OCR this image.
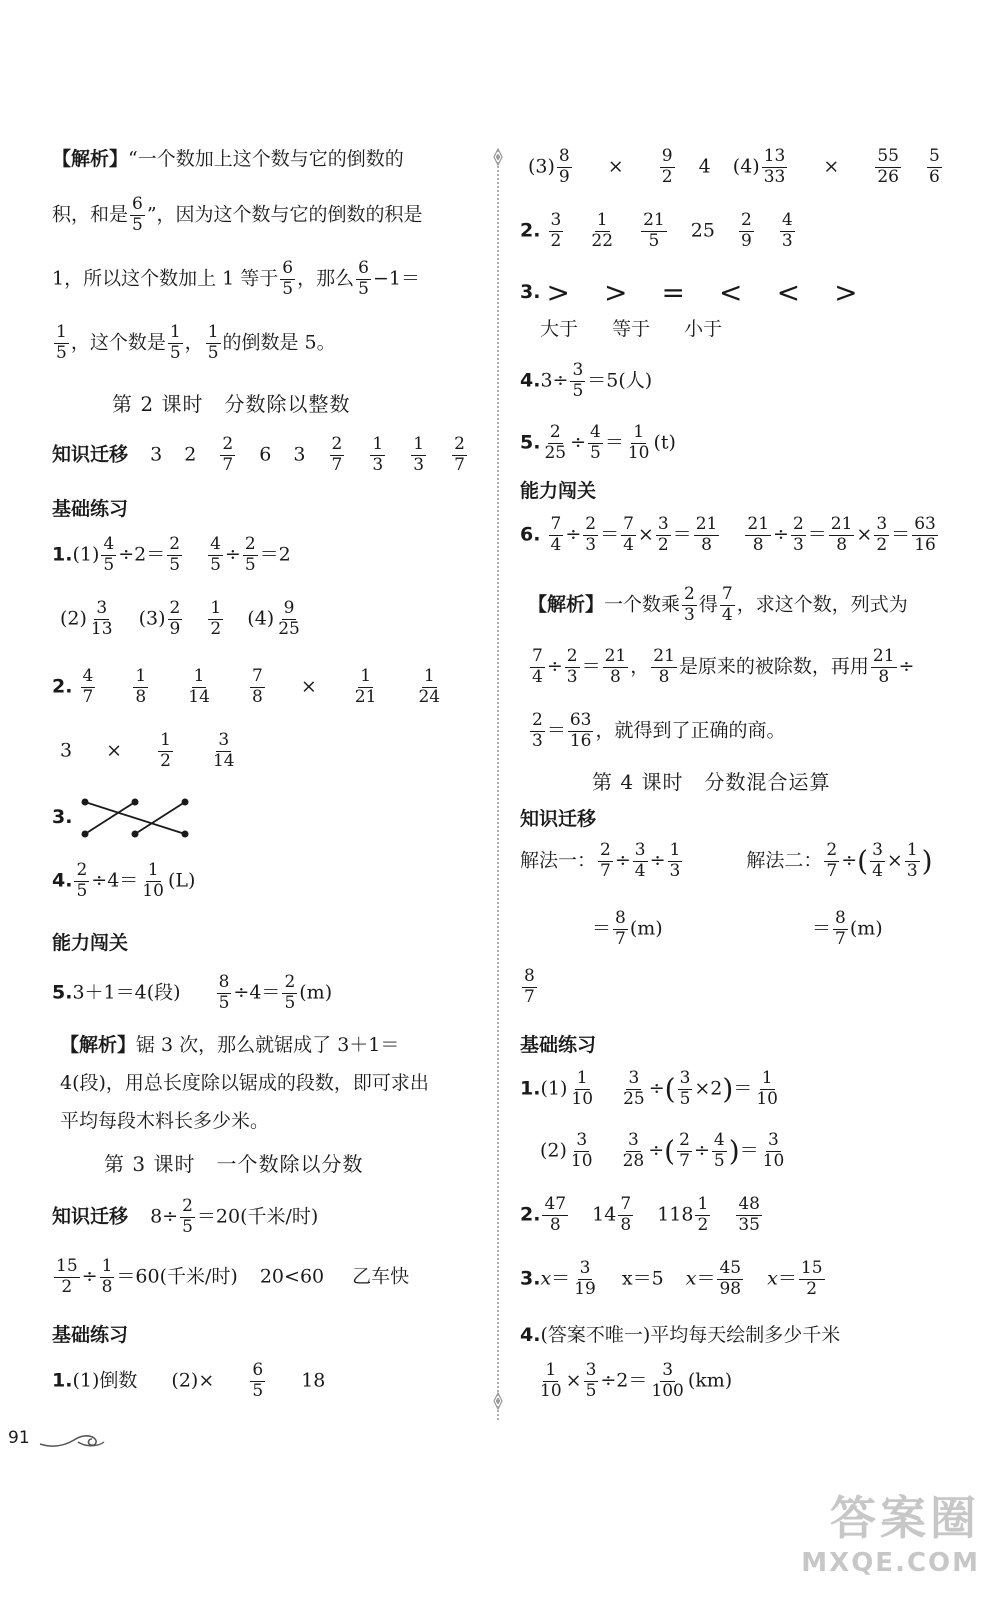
【解析】“一个数加上这个数与它的倒数的
积，和是 $\frac{6}{5}$ ”，因为这个数与它的倒数的积是
1，所以这个数加上 1 等于 $\frac{6}{5}$ ，那么 $\frac{6}{5} -1=$
$\frac{1}{5}$ ，这个数是 $\frac{1}{5}$ ， $\frac{1}{5}$ 的倒数是 5。
第 2 课时　分数除以整数
知识迁移 3 $2 \frac{2}{7} 6$ $3 \frac{2}{7}$
$\frac{1}{3}$
$\frac{1}{3}$
$\frac{2}{7}$
基础练习
$1.(1) \frac{4}{5} \div 2= \frac{2}{5}$
$\frac{4}{5} \div \frac{2}{5} =2$
$(2) \frac{3}{13} (3) \frac{2}{9}$
$\frac{1}{2} (4) \frac{9}{25}$
2. $\frac{4}{7}$
$\frac{1}{8}$
$\frac{1}{14}$
$\frac{7}{8} \times \frac{1}{21}$
$\frac{1}{24}$
$3 \times \frac{1}{2}$
$\frac{3}{14}$
3.
4. $\frac{2}{5} \div 4= \frac{1}{10} (L)$
能力闯关
5.3＋1＝4(段) $\frac{8}{5} \div 4= \frac{2}{5} (m)$
【解析】锯 3 次，那么就锯成了 3＋1＝
4(段)，用总长度除以锯成的段数，即可求出
平均每段木料长多少米。
第 3 课时　一个数除以分数
知识迁移 $8\div \frac{2}{5} =20$(千米/时)
$\frac{15}{2} \div \frac{1}{8} =60$(千米/时) 20<60 乙车快
基础练习
1.(1)倒数 $(2)\times \frac{6}{5} 18$
$(3) \frac{8}{9} \times \frac{9}{2} 4$ $(4) \frac{13}{33} \times \frac{55}{26}$
$\frac{5}{6}$
2. $\frac{3}{2}$
$\frac{1}{22}$
$\frac{21}{5} 25 \frac{2}{9}$
$\frac{4}{3}$
3. > > = < < >
大于 等于 小于
$4.3\div \frac{3}{5} =5$(人)
5. $\frac{2}{25} \div \frac{4}{5} = \frac{1}{10} (t)$
能力闯关
6. $\frac{7}{4} \div \frac{2}{3} = \frac{7}{4} \times \frac{3}{2} = \frac{21}{8}$
$\frac{21}{8} \div \frac{2}{3} = \frac{21}{8} \times \frac{3}{2} = \frac{63}{16}$
【解析】一个数乘 $\frac{2}{3}$ 得 $\frac{7}{4}$ ，求这个数，列式为
$\frac{7}{4} \div \frac{2}{3} = \frac{21}{8}$ ， $\frac{21}{8}$ 是原来的被除数，再用 $\frac{21}{8}$ ÷
$\frac{2}{3} = \frac{63}{16}$ ，就得到了正确的商。
第 4 课时　分数混合运算
知识迁移
解法一： $\frac{2}{7} \div \frac{3}{4} \div \frac{1}{3}$	解法二： $\frac{2}{7}$ ÷( $\frac{3}{4} \times \frac{1}{3}$ )
＝ $\frac{8}{7} (m)$	＝ $\frac{8}{7} (m)$
$\frac{8}{7}$
基础练习
$1.(1) \frac{1}{10}$
$\frac{3}{25}$ ÷( $\frac{3}{5} \times 2)= \frac{1}{10}$
$(2) \frac{3}{10}$
$\frac{3}{28}$ ÷( $\frac{2}{7} \div \frac{4}{5}$ )＝ $\frac{3}{10}$
2. $\frac{47}{8} 14 \frac{7}{8} 118 \frac{1}{2}$
$\frac{48}{35}$
$3.x= \frac{3}{19} x=5$ $x= \frac{45}{98} x= \frac{15}{2}$
4.(答案不唯一)平均每天绘制多少千米
$\frac{1}{10} \times \frac{3}{5} \div 2= \frac{3}{100} (km)$
91
答案圈
MXQE.COM
